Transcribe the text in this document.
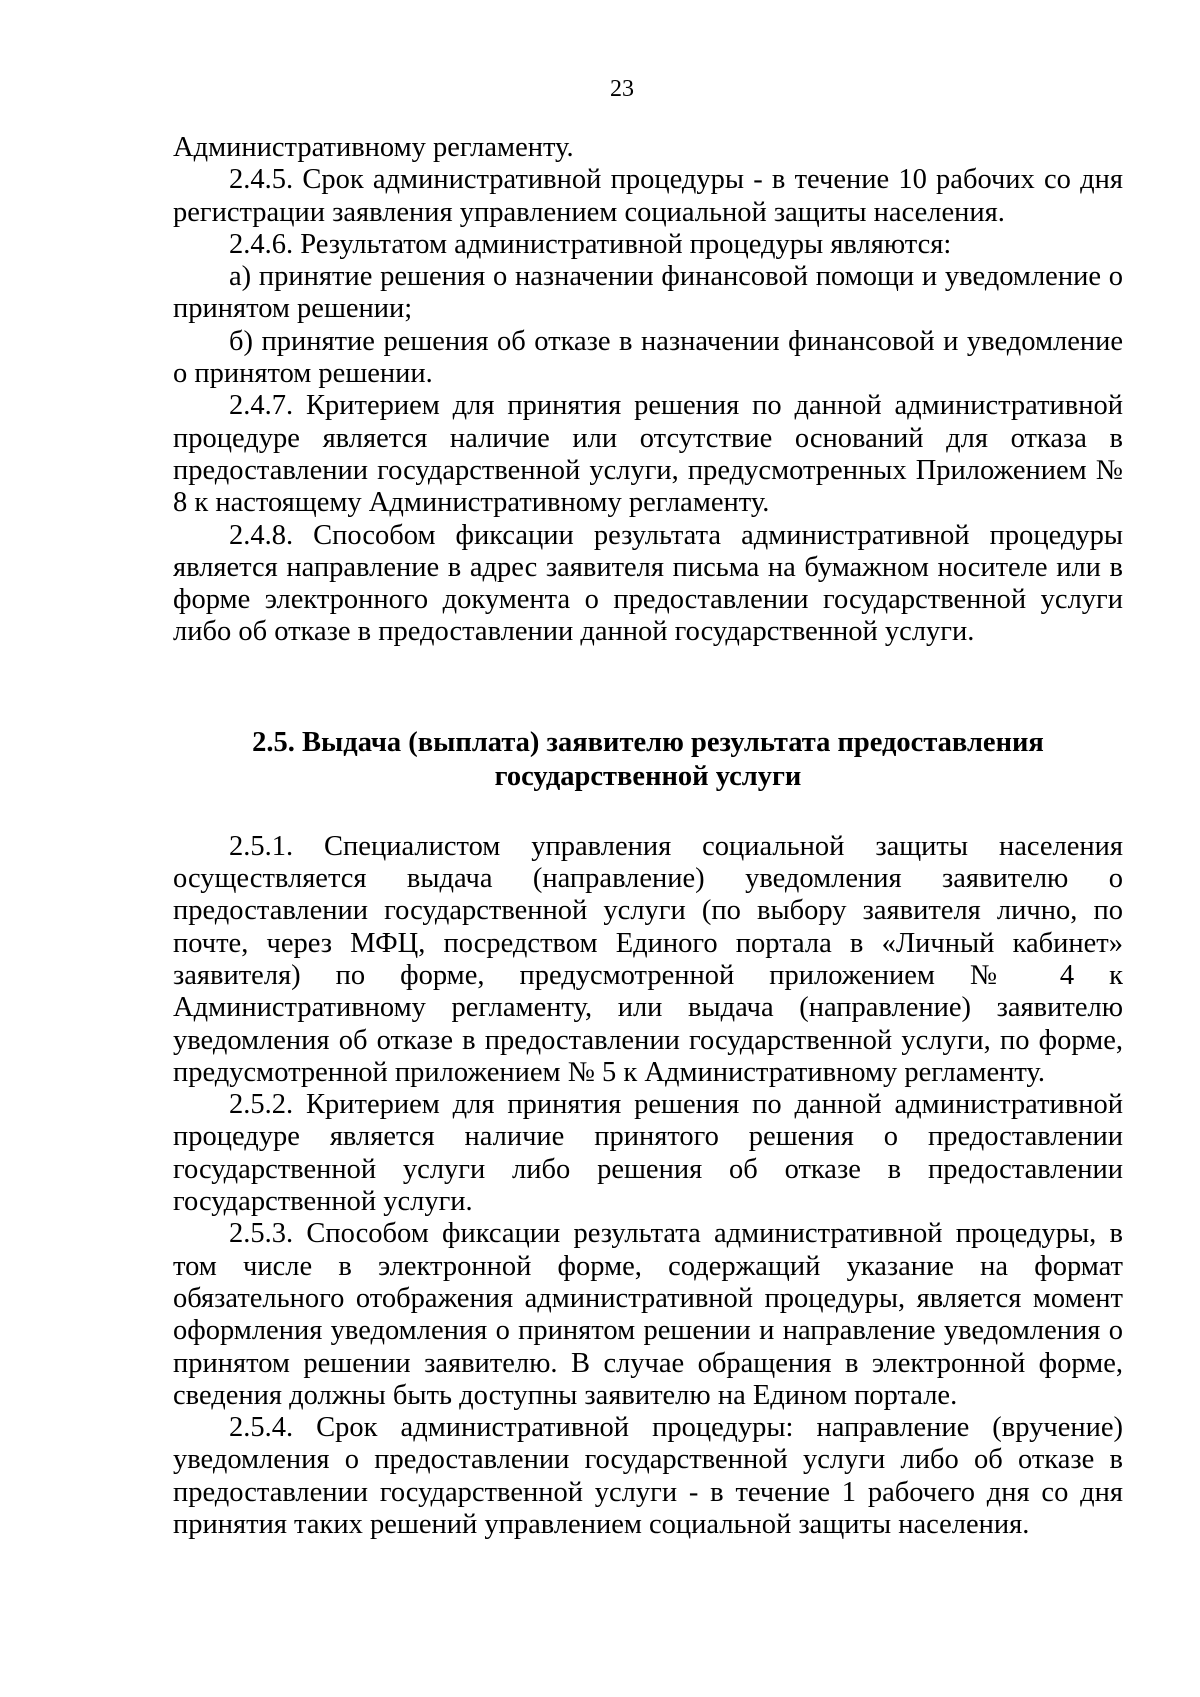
23

Административному регламенту.

2.4.5. Срок административной процедуры - в течение 10 рабочих со дня регистрации заявления управлением социальной защиты населения.

2.4.6. Результатом административной процедуры являются:

а) принятие решения о назначении финансовой помощи и уведомление о принятом решении;

б) принятие решения об отказе в назначении финансовой и уведомление о принятом решении.

2.4.7. Критерием для принятия решения по данной административной процедуре является наличие или отсутствие оснований для отказа в предоставлении государственной услуги, предусмотренных Приложением № 8 к настоящему Административному регламенту.

2.4.8. Способом фиксации результата административной процедуры является направление в адрес заявителя письма на бумажном носителе или в форме электронного документа о предоставлении государственной услуги либо об отказе в предоставлении данной государственной услуги.

2.5. Выдача (выплата) заявителю результата предоставления
государственной услуги

2.5.1. Специалистом управления социальной защиты населения осуществляется выдача (направление) уведомления заявителю о предоставлении государственной услуги (по выбору заявителя лично, по почте, через МФЦ, посредством Единого портала в «Личный кабинет» заявителя) по форме, предусмотренной приложением № 4 к Административному регламенту, или выдача (направление) заявителю уведомления об отказе в предоставлении государственной услуги, по форме, предусмотренной приложением № 5 к Административному регламенту.

2.5.2. Критерием для принятия решения по данной административной процедуре является наличие принятого решения о предоставлении государственной услуги либо решения об отказе в предоставлении государственной услуги.

2.5.3. Способом фиксации результата административной процедуры, в том числе в электронной форме, содержащий указание на формат обязательного отображения административной процедуры, является момент оформления уведомления о принятом решении и направление уведомления о принятом решении заявителю. В случае обращения в электронной форме, сведения должны быть доступны заявителю на Едином портале.

2.5.4. Срок административной процедуры: направление (вручение) уведомления о предоставлении государственной услуги либо об отказе в предоставлении государственной услуги - в течение 1 рабочего дня со дня принятия таких решений управлением социальной защиты населения.
